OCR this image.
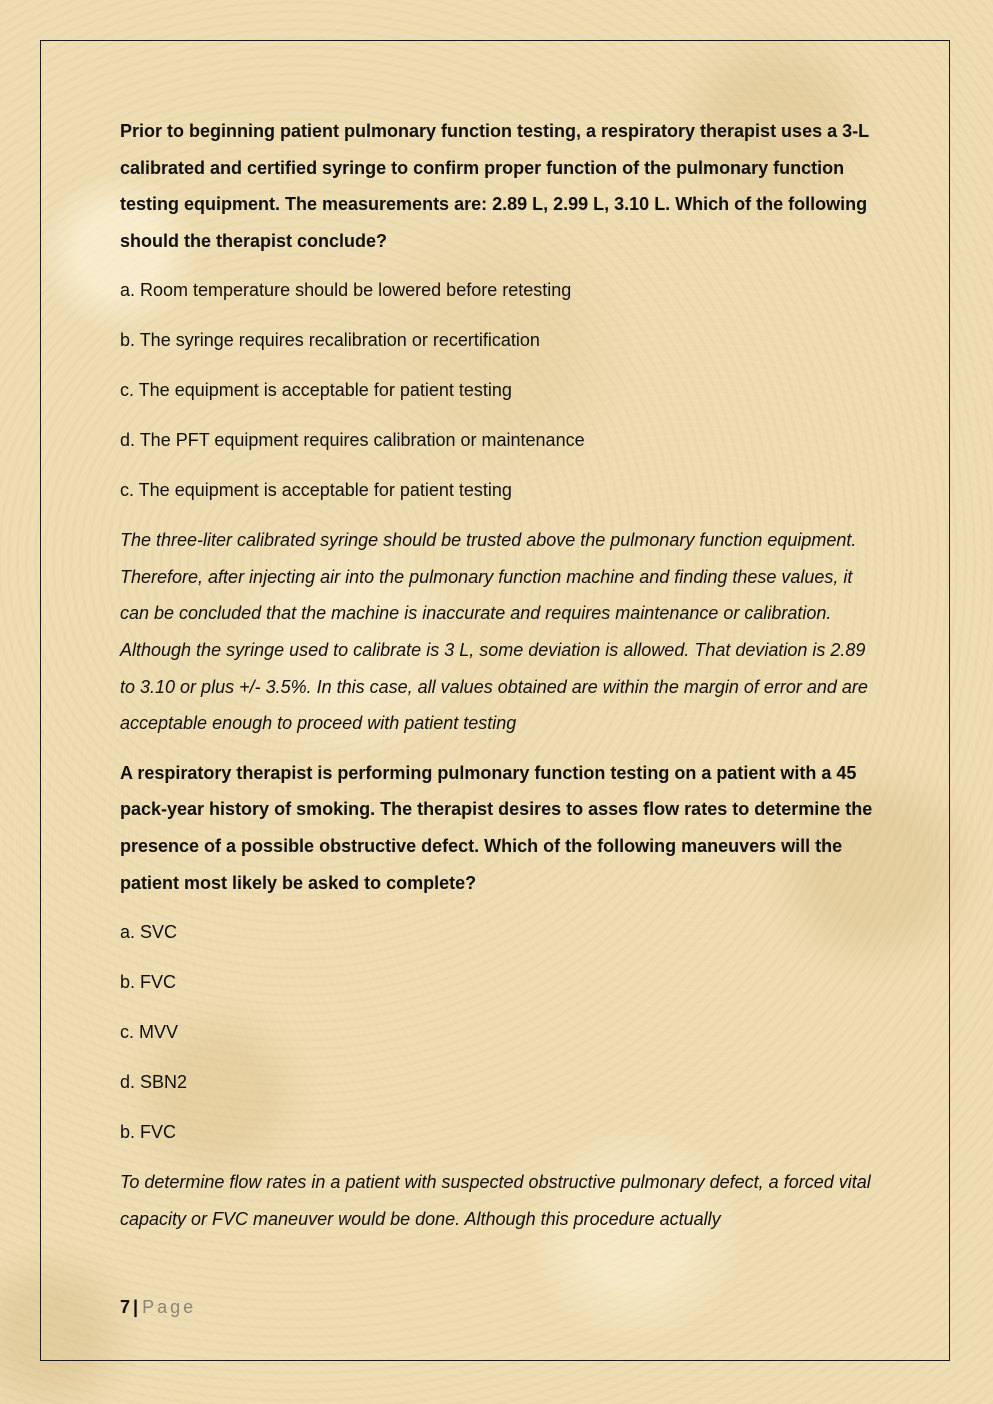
Prior to beginning patient pulmonary function testing, a respiratory therapist uses a 3-L calibrated and certified syringe to confirm proper function of the pulmonary function testing equipment. The measurements are: 2.89 L, 2.99 L, 3.10 L. Which of the following should the therapist conclude?

a. Room temperature should be lowered before retesting

b. The syringe requires recalibration or recertification

c. The equipment is acceptable for patient testing

d. The PFT equipment requires calibration or maintenance

c. The equipment is acceptable for patient testing

The three-liter calibrated syringe should be trusted above the pulmonary function equipment. Therefore, after injecting air into the pulmonary function machine and finding these values, it can be concluded that the machine is inaccurate and requires maintenance or calibration. Although the syringe used to calibrate is 3 L, some deviation is allowed. That deviation is 2.89 to 3.10 or plus +/- 3.5%. In this case, all values obtained are within the margin of error and are acceptable enough to proceed with patient testing

A respiratory therapist is performing pulmonary function testing on a patient with a 45 pack-year history of smoking. The therapist desires to asses flow rates to determine the presence of a possible obstructive defect. Which of the following maneuvers will the patient most likely be asked to complete?

a. SVC

b. FVC

c. MVV

d. SBN2

b. FVC

To determine flow rates in a patient with suspected obstructive pulmonary defect, a forced vital capacity or FVC maneuver would be done. Although this procedure actually

7 | Page
